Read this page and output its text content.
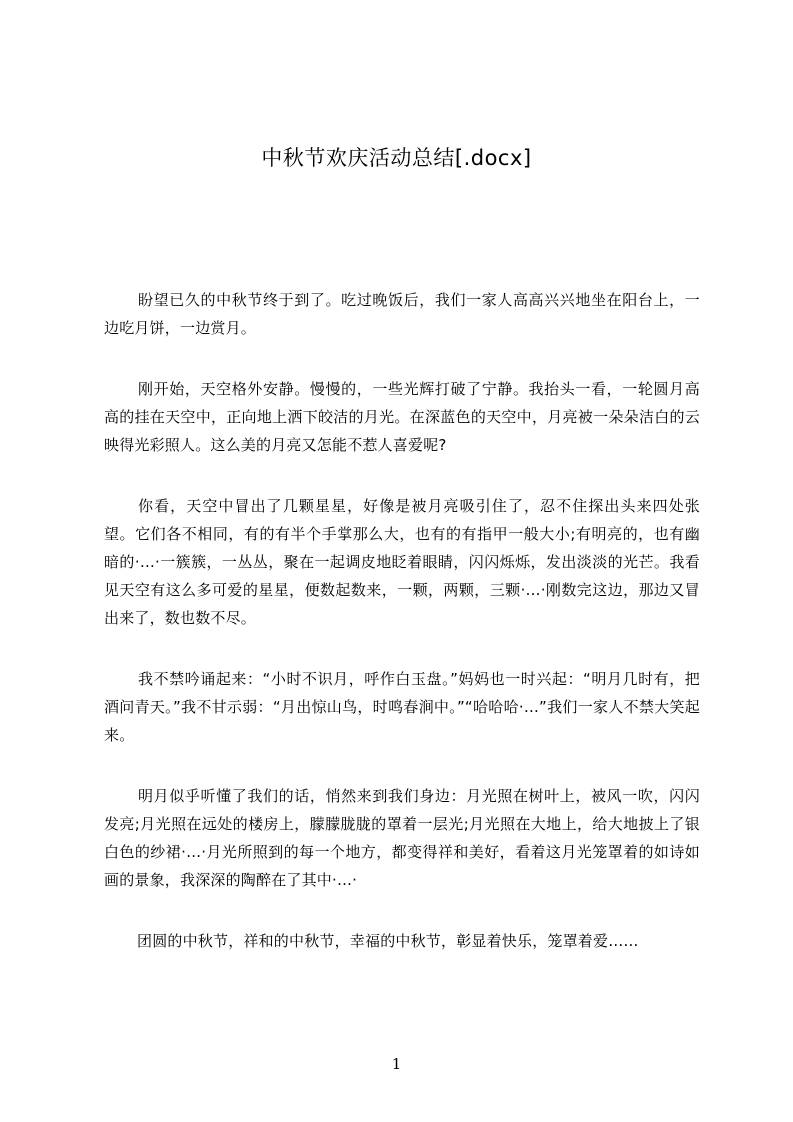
中秋节欢庆活动总结[.docx]

盼望已久的中秋节终于到了。吃过晚饭后，我们一家人高高兴兴地坐在阳台上，一边吃月饼，一边赏月。

刚开始，天空格外安静。慢慢的，一些光辉打破了宁静。我抬头一看，一轮圆月高高的挂在天空中，正向地上洒下皎洁的月光。在深蓝色的天空中，月亮被一朵朵洁白的云映得光彩照人。这么美的月亮又怎能不惹人喜爱呢?

你看，天空中冒出了几颗星星，好像是被月亮吸引住了，忍不住探出头来四处张望。它们各不相同，有的有半个手掌那么大，也有的有指甲一般大小;有明亮的，也有幽暗的·…·一簇簇，一丛丛，聚在一起调皮地眨着眼睛，闪闪烁烁，发出淡淡的光芒。我看见天空有这么多可爱的星星，便数起数来，一颗，两颗，三颗·…·刚数完这边，那边又冒出来了，数也数不尽。

我不禁吟诵起来：“小时不识月，呼作白玉盘。”妈妈也一时兴起：“明月几时有，把酒问青天。”我不甘示弱：“月出惊山鸟，时鸣春涧中。”“哈哈哈·…”我们一家人不禁大笑起来。

明月似乎听懂了我们的话，悄然来到我们身边：月光照在树叶上，被风一吹，闪闪发亮;月光照在远处的楼房上，朦朦胧胧的罩着一层光;月光照在大地上，给大地披上了银白色的纱裙·…·月光所照到的每一个地方，都变得祥和美好，看着这月光笼罩着的如诗如画的景象，我深深的陶醉在了其中·…·

团圆的中秋节，祥和的中秋节，幸福的中秋节，彰显着快乐，笼罩着爱……

1
